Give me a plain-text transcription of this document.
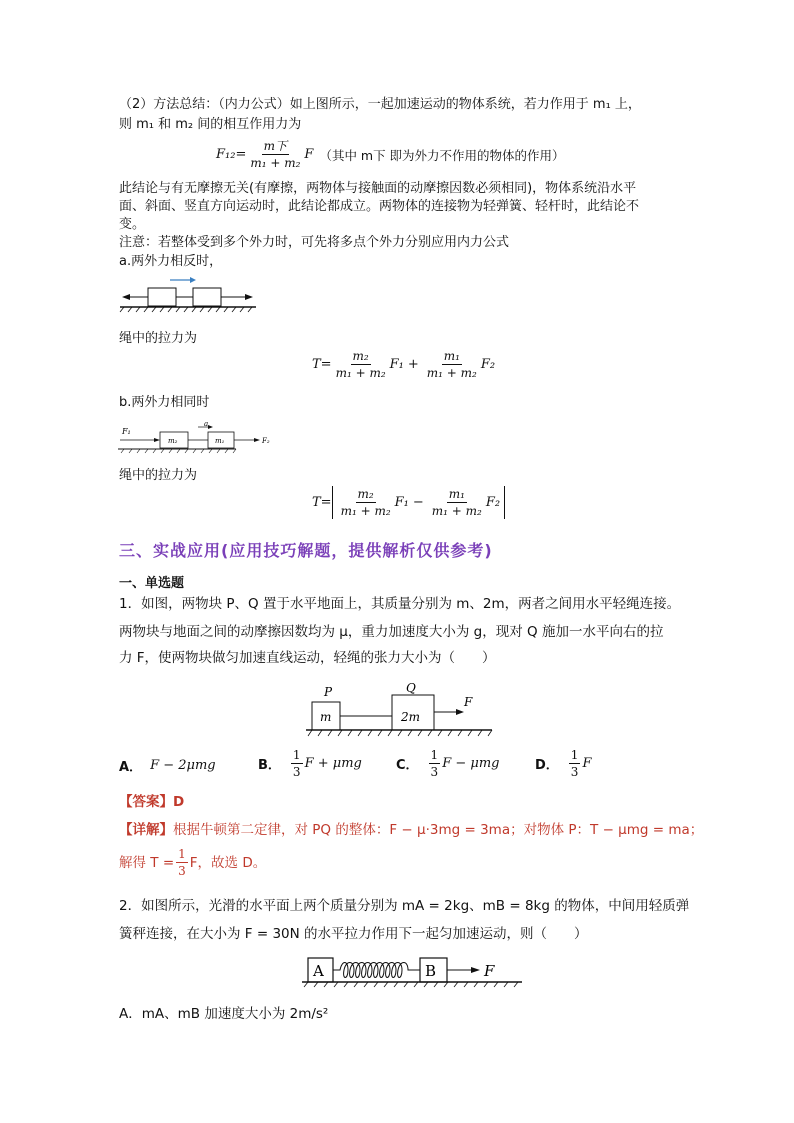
（2）方法总结：（内力公式）如上图所示，一起加速运动的物体系统，若力作用于 m₁ 上，
则 m₁ 和 m₂ 间的相互作用力为
$F_{12}= \frac{\text{m下}}{\text{m₁ + m₂}}$ F （其中 m下 即为外力不作用的物体的作用）
此结论与有无摩擦无关(有摩擦，两物体与接触面的动摩擦因数必须相同)，物体系统沿水平
面、斜面、竖直方向运动时，此结论都成立。两物体的连接物为轻弹簧、轻杆时，此结论不
变。
注意：若整体受到多个外力时，可先将多点个外力分别应用内力公式
a.两外力相反时，
绳中的拉力为
$T= \frac{\text{m₂}}{\text{m₁ + m₂}} F_1 + \frac{\text{m₁}}{\text{m₁ + m₂}} F_2$
b.两外力相同时
F₁
a
m₂	m₁	F₂
绳中的拉力为
$T= \frac{\text{m₂}}{\text{m₁ + m₂}} F_1 - \frac{\text{m₁}}{\text{m₁ + m₂}} F_2$
三、实战应用(应用技巧解题，提供解析仅供参考)
一、单选题
1．如图，两物块 P、Q 置于水平地面上，其质量分别为 m、2m，两者之间用水平轻绳连接。
两物块与地面之间的动摩擦因数均为 μ，重力加速度大小为 g，现对 Q 施加一水平向右的拉
力 F，使两物块做匀加速直线运动，轻绳的张力大小为（　　）
P	Q
m	2m
F
A． F − 2μmg	B． $\frac{1}{3}$ F + μmg	C． $\frac{1}{3}$ F − μmg	D． $\frac{1}{3}$ F
【答案】D
【详解】根据牛顿第二定律，对 PQ 的整体：F − μ·3mg = 3ma；对物体 P：T − μmg = ma；
解得 $T = \frac{1}{3}$ F，故选 D。
2．如图所示，光滑的水平面上两个质量分别为 mA = 2kg、mB = 8kg 的物体，中间用轻质弹
簧秤连接，在大小为 F = 30N 的水平拉力作用下一起匀加速运动，则（　　）
A	B	F
A．mA、mB 加速度大小为 2m/s²
